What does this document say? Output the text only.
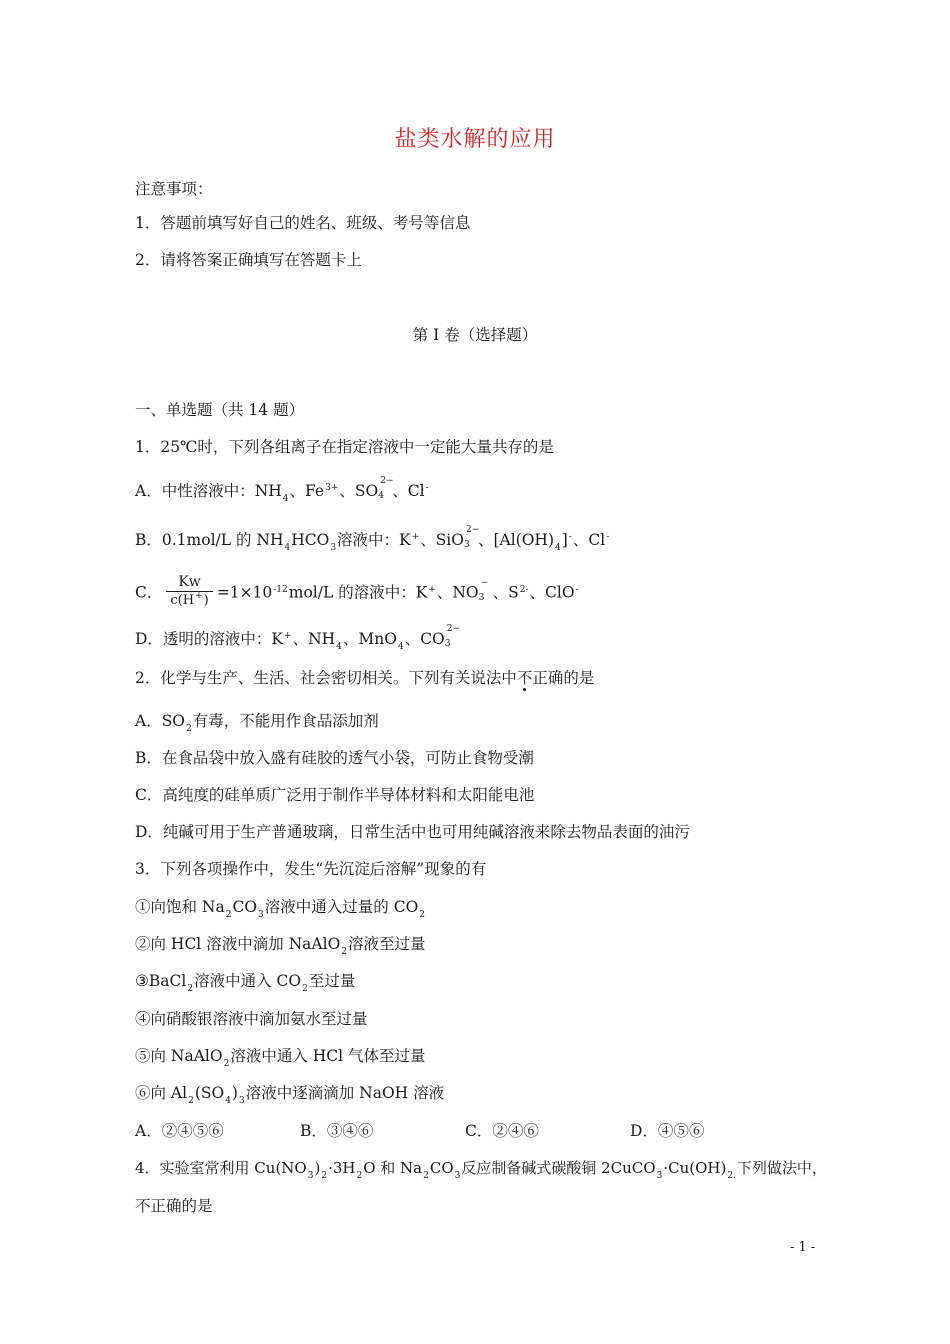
盐类水解的应用
注意事项：
1．答题前填写好自己的姓名、班级、考号等信息
2．请将答案正确填写在答题卡上
第 I 卷（选择题）
一、单选题（共 14 题）
1．25℃时，下列各组离子在指定溶液中一定能大量共存的是
A．中性溶液中：$NH_4$、$Fe^{3+}$、SO
2−
4 、Cl-
B．0.1mol/L 的 $NH_4HCO_3$溶液中：K+、SiO
2−
3 、$[Al(OH)_4]^-$、Cl-
C． $\frac{Kw}{c(H^+)} =1\times 10^{-12}mol/L$ 的溶液中：K+、NO
−
3 、$S^{2-}$、ClO-
D．透明的溶液中：K+、$NH_4$、MnO$_4$、CO
2−
3
2．化学与生产、生活、社会密切相关。下列有关说法中不正确的是
A．$SO_2$有毒，不能用作食品添加剂
B．在食品袋中放入盛有硅胶的透气小袋，可防止食物受潮
C．高纯度的硅单质广泛用于制作半导体材料和太阳能电池
D．纯碱可用于生产普通玻璃，日常生活中也可用纯碱溶液来除去物品表面的油污
3．下列各项操作中，发生“先沉淀后溶解”现象的有
①向饱和 $Na_2CO_3$溶液中通入过量的 $CO_2$
②向 HCl 溶液中滴加 NaAlO$_2$溶液至过量
③BaCl$_2$溶液中通入 $CO_2$至过量
④向硝酸银溶液中滴加氨水至过量
⑤向 NaAlO$_2$溶液中通入 HCl 气体至过量
⑥向 $Al_2(SO_4)_3$溶液中逐滴滴加 NaOH 溶液
A．②④⑤⑥	B．③④⑥	C．②④⑥	D．④⑤⑥
4．实验室常利用 $Cu(NO_3)_2\cdot 3H_2O$ 和 $Na_2CO_3$反应制备碱式碳酸铜 $2CuCO_3\cdot Cu(OH)_{2.}$下列做法中，
不正确的是
- 1 -
